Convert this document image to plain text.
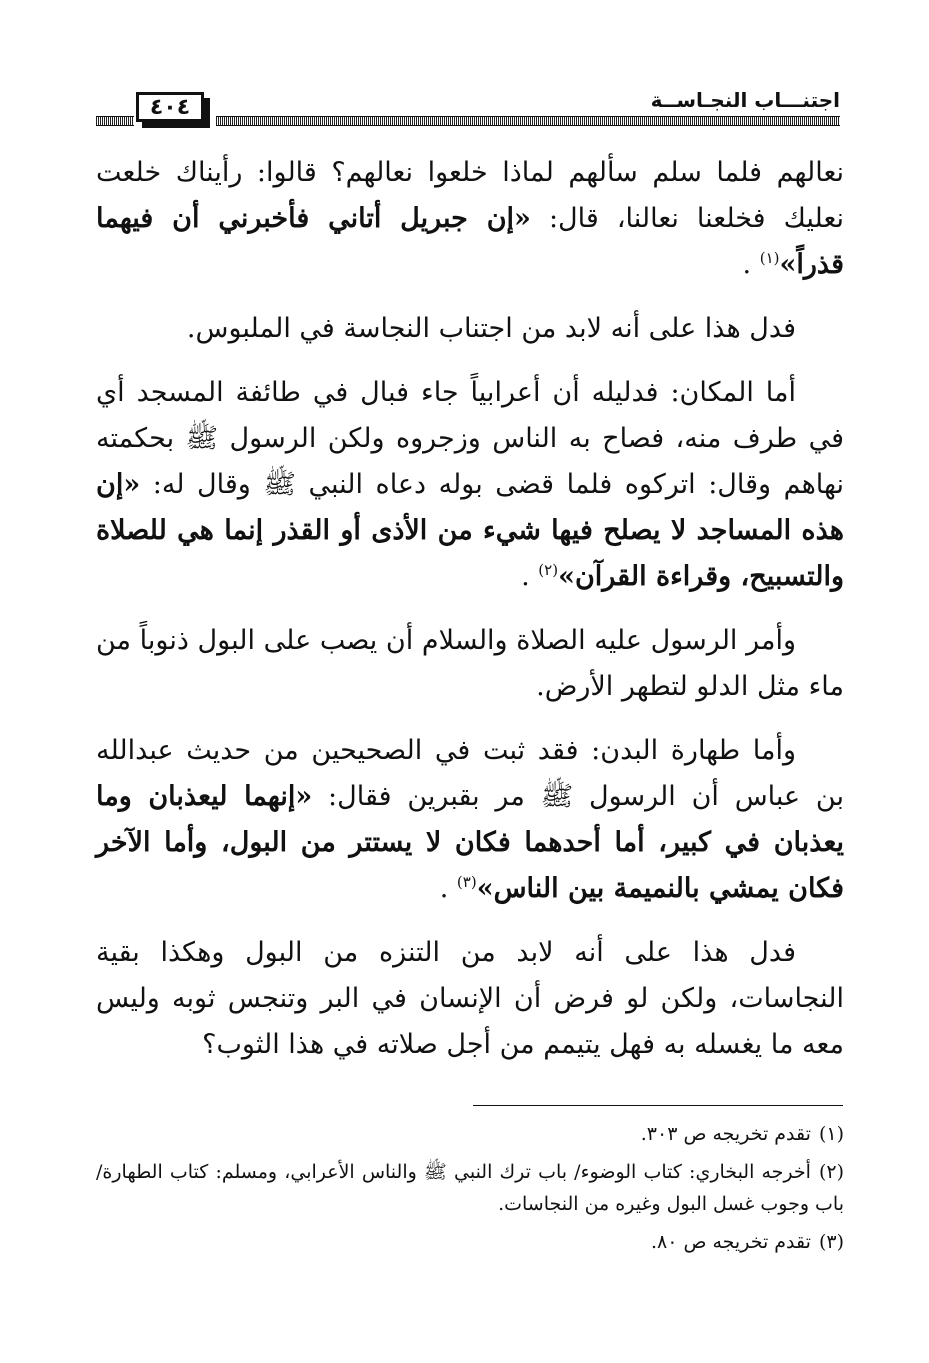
٤٠٤	اجتنـــاب النجـاســة

نعالهم فلما سلم سألهم لماذا خلعوا نعالهم؟ قالوا: رأيناك خلعت نعليك فخلعنا نعالنا، قال: «إن جبريل أتاني فأخبرني أن فيهما قذراً»$^{(١)}$ .

فدل هذا على أنه لابد من اجتناب النجاسة في الملبوس.

أما المكان: فدليله أن أعرابياً جاء فبال في طائفة المسجد أي في طرف منه، فصاح به الناس وزجروه ولكن الرسول ﷺ بحكمته نهاهم وقال: اتركوه فلما قضى بوله دعاه النبي ﷺ وقال له: «إن هذه المساجد لا يصلح فيها شيء من الأذى أو القذر إنما هي للصلاة والتسبيح، وقراءة القرآن»$^{(٢)}$ .

وأمر الرسول عليه الصلاة والسلام أن يصب على البول ذنوباً من ماء مثل الدلو لتطهر الأرض.

وأما طهارة البدن: فقد ثبت في الصحيحين من حديث عبدالله بن عباس أن الرسول ﷺ مر بقبرين فقال: «إنهما ليعذبان وما يعذبان في كبير، أما أحدهما فكان لا يستتر من البول، وأما الآخر فكان يمشي بالنميمة بين الناس»$^{(٣)}$ .

فدل هذا على أنه لابد من التنزه من البول وهكذا بقية النجاسات، ولكن لو فرض أن الإنسان في البر وتنجس ثوبه وليس معه ما يغسله به فهل يتيمم من أجل صلاته في هذا الثوب؟

(١)تقدم تخريجه ص ٣٠٣.

(٢)أخرجه البخاري: كتاب الوضوء/ باب ترك النبي ﷺ والناس الأعرابي، ومسلم: كتاب الطهارة/ باب وجوب غسل البول وغيره من النجاسات.

(٣)تقدم تخريجه ص ٨٠.
